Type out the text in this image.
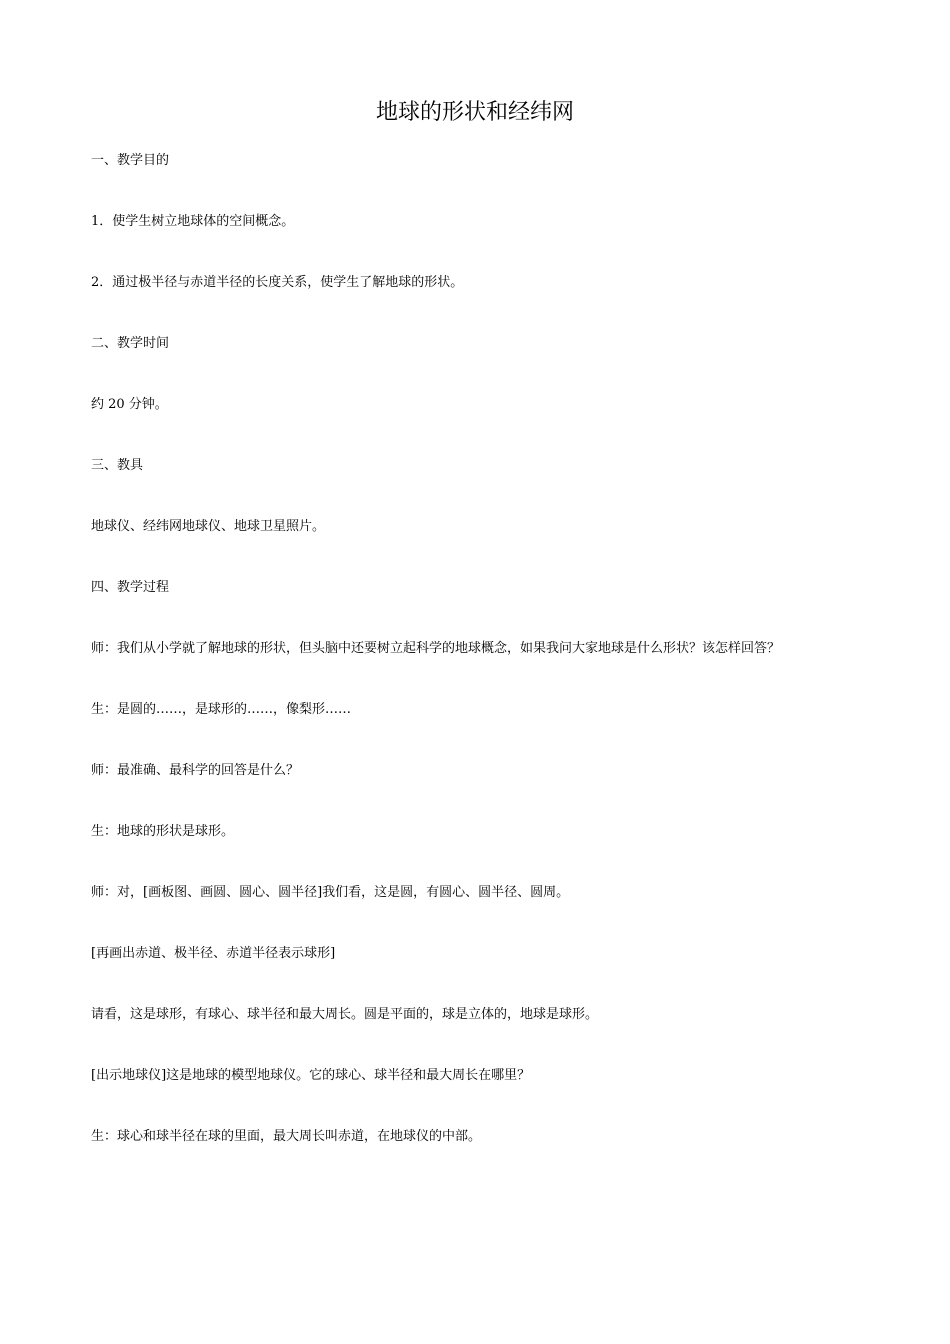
地球的形状和经纬网

一、教学目的

1．使学生树立地球体的空间概念。

2．通过极半径与赤道半径的长度关系，使学生了解地球的形状。

二、教学时间

约 20 分钟。

三、教具

地球仪、经纬网地球仪、地球卫星照片。

四、教学过程

师：我们从小学就了解地球的形状，但头脑中还要树立起科学的地球概念，如果我问大家地球是什么形状？该怎样回答？

生：是圆的……，是球形的……，像梨形……

师：最准确、最科学的回答是什么？

生：地球的形状是球形。

师：对，[画板图、画圆、圆心、圆半径]我们看，这是圆，有圆心、圆半径、圆周。

[再画出赤道、极半径、赤道半径表示球形]

请看，这是球形，有球心、球半径和最大周长。圆是平面的，球是立体的，地球是球形。

[出示地球仪]这是地球的模型地球仪。它的球心、球半径和最大周长在哪里？

生：球心和球半径在球的里面，最大周长叫赤道，在地球仪的中部。
